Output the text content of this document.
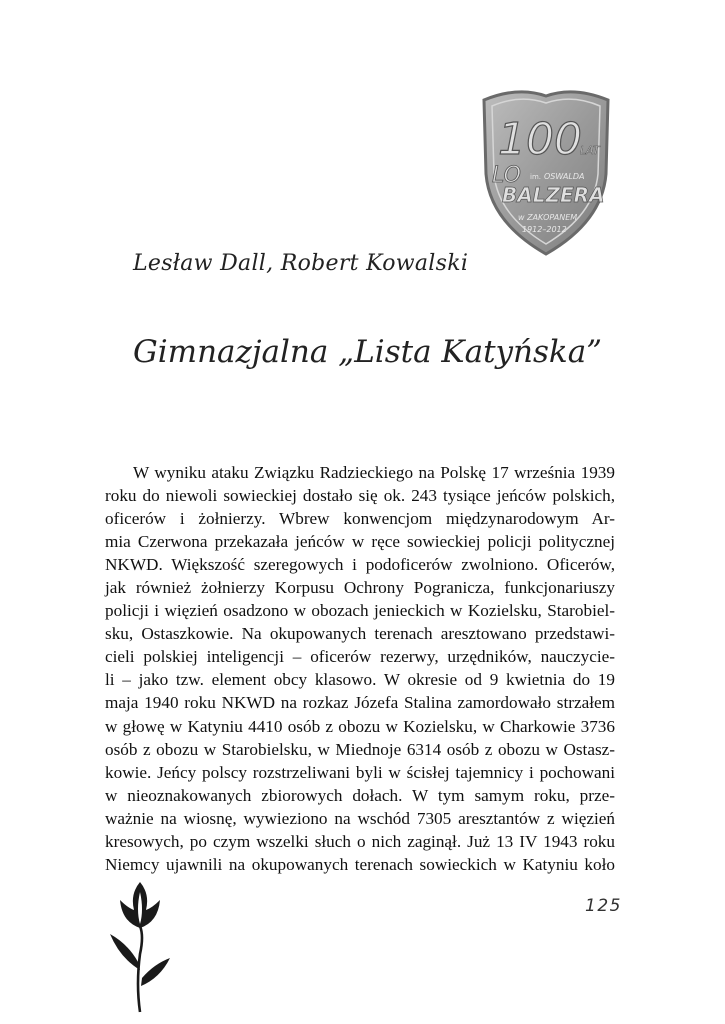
100
LAT
LO im. OSWALDA
BALZERA
w ZAKOPANEM
1912–2012
Lesław Dall, Robert Kowalski
Gimnazjalna „Lista Katyńska”
W wyniku ataku Związku Radzieckiego na Polskę 17 września 1939
roku do niewoli sowieckiej dostało się ok. 243 tysiące jeńców polskich,
oficerów i żołnierzy. Wbrew konwencjom międzynarodowym Ar-
mia Czerwona przekazała jeńców w ręce sowieckiej policji politycznej
NKWD. Większość szeregowych i podoficerów zwolniono. Oficerów,
jak również żołnierzy Korpusu Ochrony Pogranicza, funkcjonariuszy
policji i więzień osadzono w obozach jenieckich w Kozielsku, Starobiel-
sku, Ostaszkowie. Na okupowanych terenach aresztowano przedstawi-
cieli polskiej inteligencji – oficerów rezerwy, urzędników, nauczycie-
li – jako tzw. element obcy klasowo. W okresie od 9 kwietnia do 19
maja 1940 roku NKWD na rozkaz Józefa Stalina zamordowało strzałem
w głowę w Katyniu 4410 osób z obozu w Kozielsku, w Charkowie 3736
osób z obozu w Starobielsku, w Miednoje 6314 osób z obozu w Ostasz-
kowie. Jeńcy polscy rozstrzeliwani byli w ścisłej tajemnicy i pochowani
w nieoznakowanych zbiorowych dołach. W tym samym roku, prze-
ważnie na wiosnę, wywieziono na wschód 7305 aresztantów z więzień
kresowych, po czym wszelki słuch o nich zaginął. Już 13 IV 1943 roku
Niemcy ujawnili na okupowanych terenach sowieckich w Katyniu koło
125
